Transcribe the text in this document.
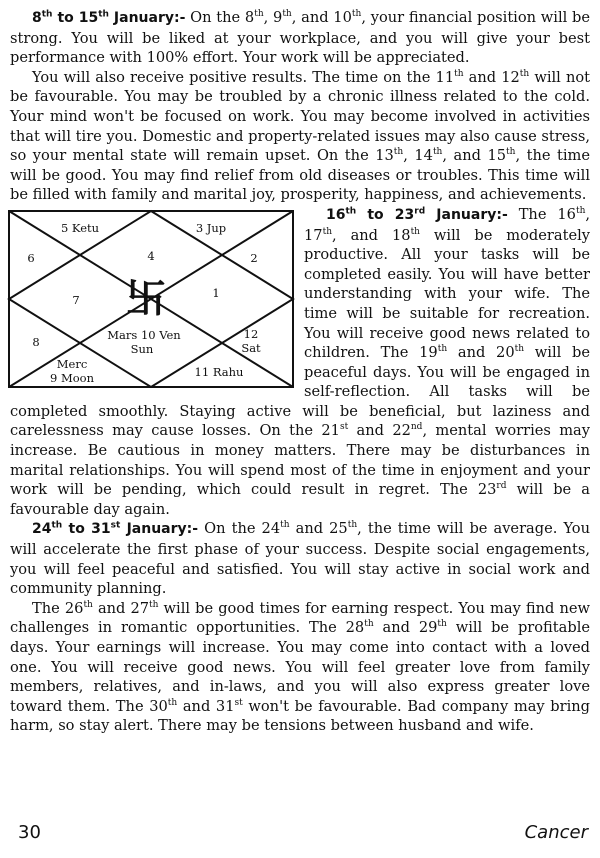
8th to 15th January:- On the 8th, 9th, and 10th, your financial position will be strong. You will be liked at your workplace, and you will give your best performance with 100% effort. Your work will be appreciated.

You will also receive positive results. The time on the 11th and 12th will not be favourable. You may be troubled by a chronic illness related to the cold. Your mind won't be focused on work. You may become involved in activities that will tire you. Domestic and property-related issues may also cause stress, so your mental state will remain upset. On the 13th, 14th, and 15th, the time will be good. You may find relief from old diseases or troubles. This time will be filled with family and marital joy, prosperity, happiness, and achievements.

4
5 Ketu
6
7
8
Merc
9 Moon
Mars 10 Ven
Sun
11 Rahu
12
Sat
1
2
3 Jup
卐

16th to 23rd January:- The 16th, 17th, and 18th will be moderately productive. All your tasks will be completed easily. You will have better understanding with your wife. The time will be suitable for recreation. You will receive good news related to children. The 19th and 20th will be peaceful days. You will be engaged in self-reflection. All tasks will be completed smoothly. Staying active will be beneficial, but laziness and carelessness may cause losses. On the 21st and 22nd, mental worries may increase. Be cautious in money matters. There may be disturbances in marital relationships. You will spend most of the time in enjoyment and your work will be pending, which could result in regret. The 23rd will be a favourable day again.

24th to 31st January:- On the 24th and 25th, the time will be average. You will accelerate the first phase of your success. Despite social engagements, you will feel peaceful and satisfied. You will stay active in social work and community planning.

The 26th and 27th will be good times for earning respect. You may find new challenges in romantic opportunities. The 28th and 29th will be profitable days. Your earnings will increase. You may come into contact with a loved one. You will receive good news. You will feel greater love from family members, relatives, and in-laws, and you will also express greater love toward them. The 30th and 31st won't be favourable. Bad company may bring harm, so stay alert. There may be tensions between husband and wife.

30	Cancer
